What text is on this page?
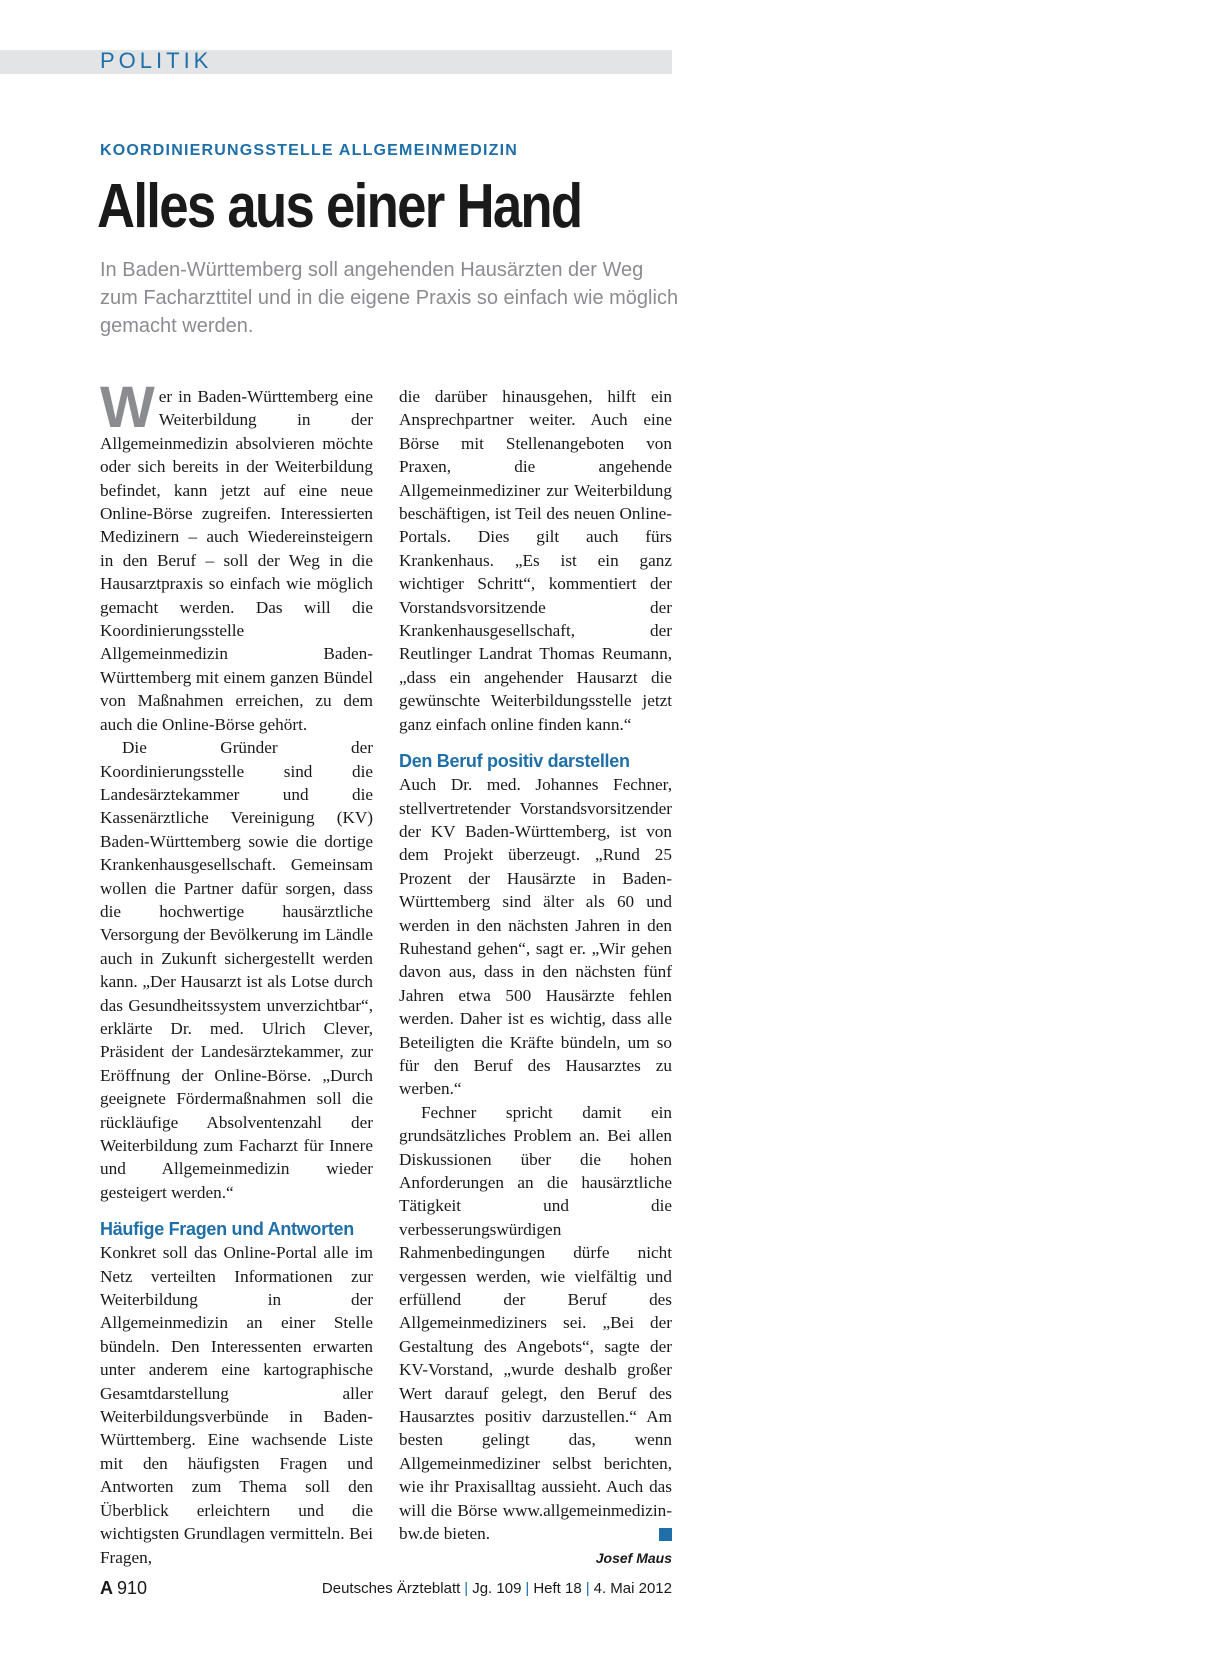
POLITIK
KOORDINIERUNGSSTELLE ALLGEMEINMEDIZIN
Alles aus einer Hand
In Baden-Württemberg soll angehenden Hausärzten der Weg zum Facharzttitel und in die eigene Praxis so einfach wie möglich gemacht werden.

Wer in Baden-Württemberg eine Weiterbildung in der Allgemeinmedizin absolvieren möchte oder sich bereits in der Weiterbildung befindet, kann jetzt auf eine neue Online-Börse zugreifen. Interessierten Medizinern – auch Wiedereinsteigern in den Beruf – soll der Weg in die Hausarztpraxis so einfach wie möglich gemacht werden. Das will die Koordinierungsstelle Allgemeinmedizin Baden-Württemberg mit einem ganzen Bündel von Maßnahmen erreichen, zu dem auch die Online-Börse gehört.

Die Gründer der Koordinierungsstelle sind die Landesärztekammer und die Kassenärztliche Vereinigung (KV) Baden-Württemberg sowie die dortige Krankenhausgesellschaft. Gemeinsam wollen die Partner dafür sorgen, dass die hochwertige hausärztliche Versorgung der Bevölkerung im Ländle auch in Zukunft sichergestellt werden kann. „Der Hausarzt ist als Lotse durch das Gesundheitssystem unverzichtbar“, erklärte Dr. med. Ulrich Clever, Präsident der Landesärztekammer, zur Eröffnung der Online-Börse. „Durch geeignete Fördermaßnahmen soll die rückläufige Absolventenzahl der Weiterbildung zum Facharzt für Innere und Allgemeinmedizin wieder gesteigert werden.“

Häufige Fragen und Antworten

Konkret soll das Online-Portal alle im Netz verteilten Informationen zur Weiterbildung in der Allgemeinmedizin an einer Stelle bündeln. Den Interessenten erwarten unter anderem eine kartographische Gesamtdarstellung aller Weiterbildungsverbünde in Baden-Württemberg. Eine wachsende Liste mit den häufigsten Fragen und Antworten zum Thema soll den Überblick erleichtern und die wichtigsten Grundlagen vermitteln. Bei Fragen,

die darüber hinausgehen, hilft ein Ansprechpartner weiter. Auch eine Börse mit Stellenangeboten von Praxen, die angehende Allgemeinmediziner zur Weiterbildung beschäftigen, ist Teil des neuen Online-Portals. Dies gilt auch fürs Krankenhaus. „Es ist ein ganz wichtiger Schritt“, kommentiert der Vorstandsvorsitzende der Krankenhausgesellschaft, der Reutlinger Landrat Thomas Reumann, „dass ein angehender Hausarzt die gewünschte Weiterbildungsstelle jetzt ganz einfach online finden kann.“

Den Beruf positiv darstellen

Auch Dr. med. Johannes Fechner, stellvertretender Vorstandsvorsitzender der KV Baden-Württemberg, ist von dem Projekt überzeugt. „Rund 25 Prozent der Hausärzte in Baden-Württemberg sind älter als 60 und werden in den nächsten Jahren in den Ruhestand gehen“, sagt er. „Wir gehen davon aus, dass in den nächsten fünf Jahren etwa 500 Hausärzte fehlen werden. Daher ist es wichtig, dass alle Beteiligten die Kräfte bündeln, um so für den Beruf des Hausarztes zu werben.“

Fechner spricht damit ein grundsätzliches Problem an. Bei allen Diskussionen über die hohen Anforderungen an die hausärztliche Tätigkeit und die verbesserungswürdigen Rahmenbedingungen dürfe nicht vergessen werden, wie vielfältig und erfüllend der Beruf des Allgemeinmediziners sei. „Bei der Gestaltung des Angebots“, sagte der KV-Vorstand, „wurde deshalb großer Wert darauf gelegt, den Beruf des Hausarztes positiv darzustellen.“ Am besten gelingt das, wenn Allgemeinmediziner selbst berichten, wie ihr Praxisalltag aussieht. Auch das will die Börse www.allgemeinmedizin-bw.de bieten.

Josef Maus
A 910	Deutsches Ärzteblatt | Jg. 109 | Heft 18 | 4. Mai 2012
